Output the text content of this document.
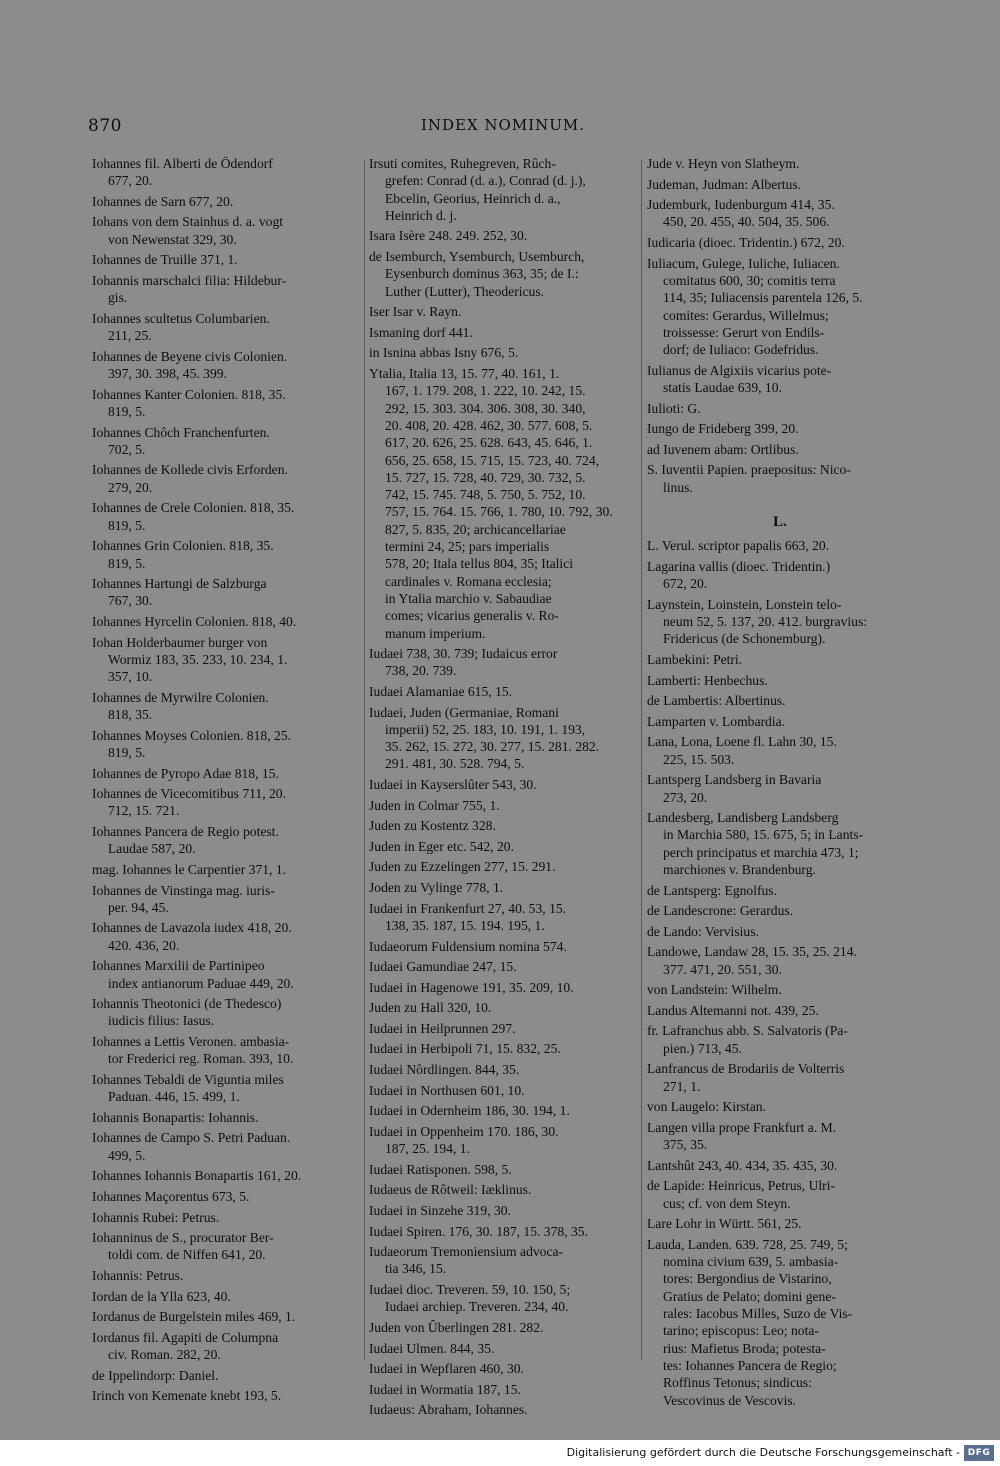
870	INDEX NOMINUM.
Iohannes fil. Alberti de Ödendorf
677, 20.
Iohannes de Sarn 677, 20.
Iohans von dem Stainhus d. a. vogt
von Newenstat 329, 30.
Iohannes de Truille 371, 1.
Iohannis marschalci filia: Hildebur-
gis.
Iohannes scultetus Columbarien.
211, 25.
Iohannes de Beyene civis Colonien.
397, 30. 398, 45. 399.
Iohannes Kanter Colonien. 818, 35.
819, 5.
Iohannes Chôch Franchenfurten.
702, 5.
Iohannes de Kollede civis Erforden.
279, 20.
Iohannes de Crele Colonien. 818, 35.
819, 5.
Iohannes Grin Colonien. 818, 35.
819, 5.
Iohannes Hartungi de Salzburga
767, 30.
Iohannes Hyrcelin Colonien. 818, 40.
Iohan Holderbaumer burger von
Wormiz 183, 35. 233, 10. 234, 1.
357, 10.
Iohannes de Myrwilre Colonien.
818, 35.
Iohannes Moyses Colonien. 818, 25.
819, 5.
Iohannes de Pyropo Adae 818, 15.
Iohannes de Vicecomitibus 711, 20.
712, 15. 721.
Iohannes Pancera de Regio potest.
Laudae 587, 20.
mag. Iohannes le Carpentier 371, 1.
Iohannes de Vinstinga mag. iuris-
per. 94, 45.
Iohannes de Lavazola iudex 418, 20.
420. 436, 20.
Iohannes Marxilii de Partinipeo
index antianorum Paduae 449, 20.
Iohannis Theotonici (de Thedesco)
iudicis filius: Iasus.
Iohannes a Lettis Veronen. ambasia-
tor Frederici reg. Roman. 393, 10.
Iohannes Tebaldi de Viguntia miles
Paduan. 446, 15. 499, 1.
Iohannis Bonapartis: Iohannis.
Iohannes de Campo S. Petri Paduan.
499, 5.
Iohannes Iohannis Bonapartis 161, 20.
Iohannes Maçorentus 673, 5.
Iohannis Rubei: Petrus.
Iohanninus de S., procurator Ber-
toldi com. de Niffen 641, 20.
Iohannis: Petrus.
Iordan de la Ylla 623, 40.
Iordanus de Burgelstein miles 469, 1.
Iordanus fil. Agapiti de Columpna
civ. Roman. 282, 20.
de Ippelindorp: Daniel.
Irinch von Kemenate knebt 193, 5.
Irsuti comites, Ruhegreven, Rûch-
grefen: Conrad (d. a.), Conrad (d. j.),
Ebcelin, Georius, Heinrich d. a.,
Heinrich d. j.
Isara Isère 248. 249. 252, 30.
de Isemburch, Ysemburch, Usemburch,
Eysenburch dominus 363, 35; de I.:
Luther (Lutter), Theodericus.
Iser Isar v. Rayn.
Ismaning dorf 441.
in Isnina abbas Isny 676, 5.
Ytalia, Italia 13, 15. 77, 40. 161, 1.
167, 1. 179. 208, 1. 222, 10. 242, 15.
292, 15. 303. 304. 306. 308, 30. 340,
20. 408, 20. 428. 462, 30. 577. 608, 5.
617, 20. 626, 25. 628. 643, 45. 646, 1.
656, 25. 658, 15. 715, 15. 723, 40. 724,
15. 727, 15. 728, 40. 729, 30. 732, 5.
742, 15. 745. 748, 5. 750, 5. 752, 10.
757, 15. 764. 15. 766, 1. 780, 10. 792, 30.
827, 5. 835, 20; archicancellariae
termini 24, 25; pars imperialis
578, 20; Itala tellus 804, 35; Italici
cardinales v. Romana ecclesia;
in Ytalia marchio v. Sabaudiae
comes; vicarius generalis v. Ro-
manum imperium.
Iudaei 738, 30. 739; Iudaicus error
738, 20. 739.
Iudaei Alamaniae 615, 15.
Iudaei, Juden (Germaniae, Romani
imperii) 52, 25. 183, 10. 191, 1. 193,
35. 262, 15. 272, 30. 277, 15. 281. 282.
291. 481, 30. 528. 794, 5.
Iudaei in Kayserslûter 543, 30.
Juden in Colmar 755, 1.
Juden zu Kostentz 328.
Juden in Eger etc. 542, 20.
Juden zu Ezzelingen 277, 15. 291.
Joden zu Vylinge 778, 1.
Iudaei in Frankenfurt 27, 40. 53, 15.
138, 35. 187, 15. 194. 195, 1.
Iudaeorum Fuldensium nomina 574.
Iudaei Gamundiae 247, 15.
Iudaei in Hagenowe 191, 35. 209, 10.
Juden zu Hall 320, 10.
Iudaei in Heilprunnen 297.
Iudaei in Herbipoli 71, 15. 832, 25.
Iudaei Nôrdlingen. 844, 35.
Iudaei in Northusen 601, 10.
Iudaei in Odernheim 186, 30. 194, 1.
Iudaei in Oppenheim 170. 186, 30.
187, 25. 194, 1.
Iudaei Ratisponen. 598, 5.
Iudaeus de Rôtweil: Iæklinus.
Iudaei in Sinzehe 319, 30.
Iudaei Spiren. 176, 30. 187, 15. 378, 35.
Iudaeorum Tremoniensium advoca-
tia 346, 15.
Iudaei dioc. Treveren. 59, 10. 150, 5;
Iudaei archiep. Treveren. 234, 40.
Juden von Ûberlingen 281. 282.
Iudaei Ulmen. 844, 35.
Iudaei in Wepflaren 460, 30.
Iudaei in Wormatia 187, 15.
Iudaeus: Abraham, Iohannes.
Jude v. Heyn von Slatheym.
Judeman, Judman: Albertus.
Judemburk, Iudenburgum 414, 35.
450, 20. 455, 40. 504, 35. 506.
Iudicaria (dioec. Tridentin.) 672, 20.
Iuliacum, Gulege, Iuliche, Iuliacen.
comitatus 600, 30; comitis terra
114, 35; Iuliacensis parentela 126, 5.
comites: Gerardus, Willelmus;
troissesse: Gerurt von Endils-
dorf; de Iuliaco: Godefridus.
Iulianus de Algixiis vicarius pote-
statis Laudae 639, 10.
Iulioti: G.
Iungo de Frideberg 399, 20.
ad Iuvenem abam: Ortlibus.
S. Iuventii Papien. praepositus: Nico-
linus.
L.
L. Verul. scriptor papalis 663, 20.
Lagarina vallis (dioec. Tridentin.)
672, 20.
Laynstein, Loinstein, Lonstein telo-
neum 52, 5. 137, 20. 412. burgravius:
Fridericus (de Schonemburg).
Lambekini: Petri.
Lamberti: Henbechus.
de Lambertis: Albertinus.
Lamparten v. Lombardia.
Lana, Lona, Loene fl. Lahn 30, 15.
225, 15. 503.
Lantsperg Landsberg in Bavaria
273, 20.
Landesberg, Landisberg Landsberg
in Marchia 580, 15. 675, 5; in Lants-
perch principatus et marchia 473, 1;
marchiones v. Brandenburg.
de Lantsperg: Egnolfus.
de Landescrone: Gerardus.
de Lando: Vervisius.
Landowe, Landaw 28, 15. 35, 25. 214.
377. 471, 20. 551, 30.
von Landstein: Wilhelm.
Landus Altemanni not. 439, 25.
fr. Lafranchus abb. S. Salvatoris (Pa-
pien.) 713, 45.
Lanfrancus de Brodariis de Volterris
271, 1.
von Laugelo: Kirstan.
Langen villa prope Frankfurt a. M.
375, 35.
Lantshût 243, 40. 434, 35. 435, 30.
de Lapide: Heinricus, Petrus, Ulri-
cus; cf. von dem Steyn.
Lare Lohr in Württ. 561, 25.
Lauda, Landen. 639. 728, 25. 749, 5;
nomina civium 639, 5. ambasia-
tores: Bergondius de Vistarino,
Gratius de Pelato; domini gene-
rales: Iacobus Milles, Suzo de Vis-
tarino; episcopus: Leo; nota-
rius: Mafietus Broda; potesta-
tes: Iohannes Pancera de Regio;
Roffinus Tetonus; sindicus:
Vescovinus de Vescovis.
Digitalisierung gefördert durch die Deutsche Forschungsgemeinschaft - DFG
